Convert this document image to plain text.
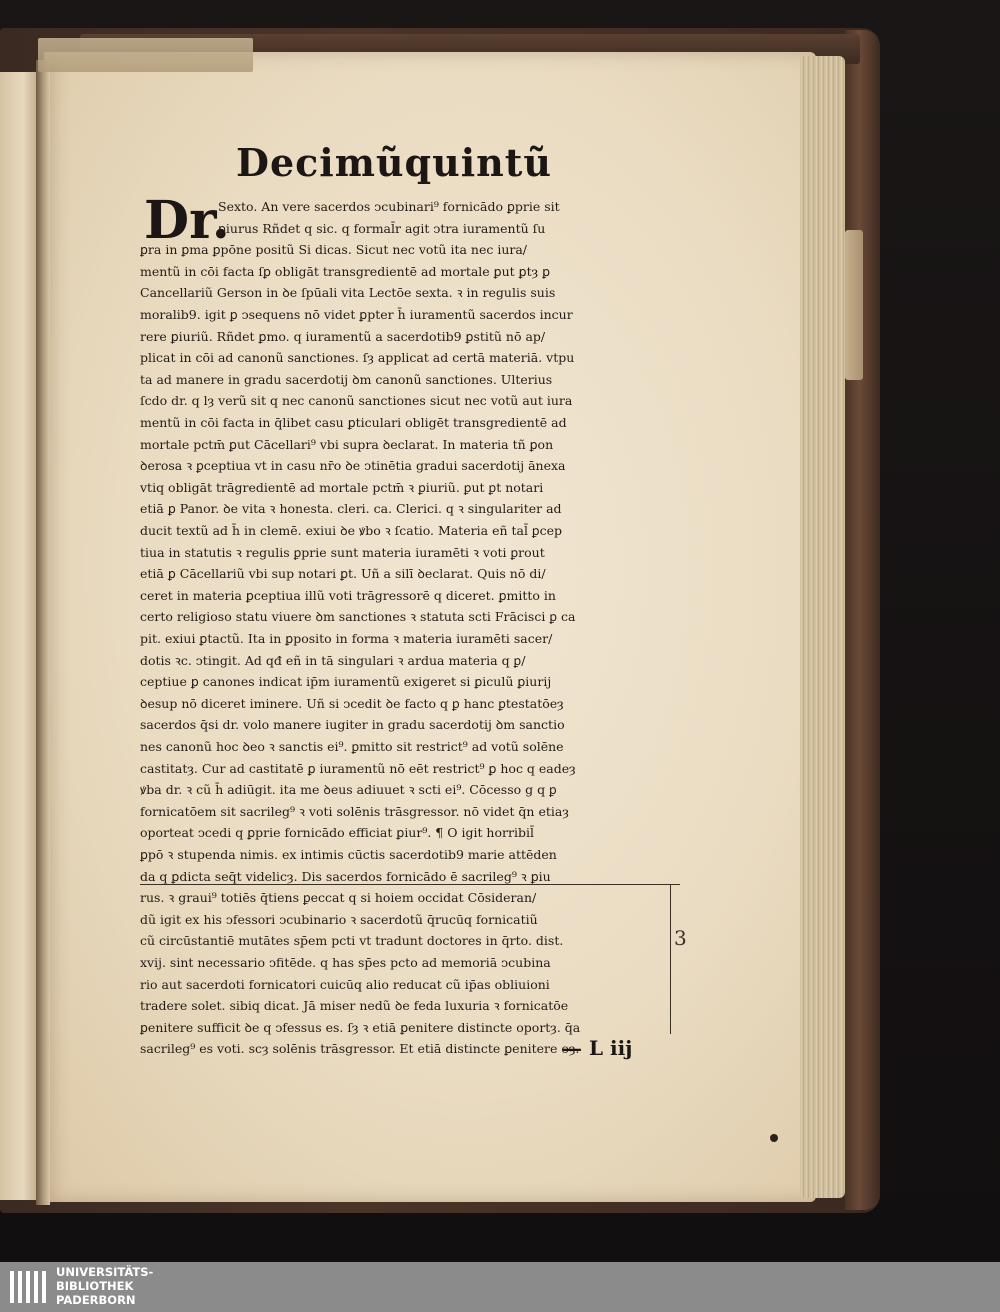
Decimũquintũ
Dr.
Sexto. An vere sacerdos ↄcubinari⁹ fornicādo ꝑprie sit
ꝑiurus Rñdet q sic. q formal̄r agit ↄtra iuramentũ ſu
ꝑra in ꝑma ꝑpōne positũ Si dicas. Sicut nec votũ ita nec iura/
mentũ in cōi facta ſꝑ obligāt transgredientē ad mortale ꝑut ꝑtȝ ꝑ
Cancellariũ Gerson in ꝺe ſpūali vita Lectōe sexta. ꝛ in regulis suis
moralib9. igit ꝑ ↄsequens nō videt ꝑpter h̄ iuramentũ sacerdos incur
rere ꝑiuriũ. Rñdet ꝑmo. q iuramentũ a sacerdotib9 ꝑstitũ nō ap/
plicat in cōi ad canonũ sanctiones. ſȝ applicat ad certā materiā. vtpu
ta ad manere in gradu sacerdotij ꝺm canonũ sanctiones. Ulterius
ſcdo dr. q lȝ verũ sit q nec canonũ sanctiones sicut nec votũ aut iura
mentũ in cōi facta in q̄libet casu ꝑticulari obligēt transgredientē ad
mortale pctm̄ ꝑut Cācellari⁹ vbi supra ꝺeclarat. In materia tñ ꝑon
ꝺerosa ꝛ ꝑceptiua vt in casu nr̄o ꝺe ↄtinētia gradui sacerdotij ānexa
vtiq obligāt trāgredientē ad mortale pctm̄ ꝛ ꝑiuriũ. ꝑut ꝑt notari
etiā ꝑ Panor. ꝺe vita ꝛ honesta. cleri. ca. Clerici. q ꝛ singulariter ad
ducit textũ ad h̄ in clemē. exiui ꝺe ꝟbo ꝛ ſcatio. Materia eñ tal̄ ꝑcep
tiua in statutis ꝛ regulis ꝑprie sunt materia iuramēti ꝛ voti ꝑrout
etiā ꝑ Cācellariũ vbi sup notari ꝑt. Uñ a silī ꝺeclarat. Quis nō di/
ceret in materia ꝑceptiua illũ voti trāgressorē q diceret. ꝑmitto in
certo religioso statu viuere ꝺm sanctiones ꝛ statuta scti Frācisci ꝑ ca
pit. exiui ꝑtactũ. Ita in ꝑposito in forma ꝛ materia iuramēti sacer/
dotis ꝛc. ↄtingit. Ad qđ eñ in tā singulari ꝛ ardua materia q ꝑ/
ceptiue ꝑ canones indicat ip̄m iuramentũ exigeret si ꝑiculũ ꝑiurij
ꝺesup nō diceret iminere. Uñ si ↄcedit ꝺe facto q ꝑ hanc ꝑtestatōeȝ
sacerdos q̄si dr. volo manere iugiter in gradu sacerdotij ꝺm sanctio
nes canonũ hoc ꝺeo ꝛ sanctis ei⁹. ꝑmitto sit restrict⁹ ad votũ solēne
castitatȝ. Cur ad castitatē ꝑ iuramentũ nō eēt restrict⁹ ꝑ hoc q eadeȝ
ꝟba dr. ꝛ cũ h̄ adiūgit. ita me ꝺeus adiuuet ꝛ scti ei⁹. Cōcesso g q ꝑ
fornicatōem sit sacrileg⁹ ꝛ voti solēnis trāsgressor. nō videt q̄n etiaȝ
oporteat ↄcedi q ꝑprie fornicādo efficiat ꝑiur⁹. ¶ O igit horribil̄
ꝑpō ꝛ stupenda nimis. ex intimis cūctis sacerdotib9 marie attēden
da q ꝑdicta seq̄t videlicȝ. Dis sacerdos fornicādo ē sacrileg⁹ ꝛ ꝑiu
rus. ꝛ graui⁹ totiēs q̄tiens ꝑeccat q si hoiem occidat Cōsideran/
dũ igit ex his ↄfessori ↄcubinario ꝛ sacerdotũ q̄rucūq fornicatiũ
cũ circūstantiē mutātes sp̄em pcti vt tradunt doctores in q̄rto. dist.
xvij. sint necessario ↄfitēde. q has sp̄es pcto ad memoriā ↄcubina
rio aut sacerdoti fornicatori cuicūq alio reducat cũ ip̄as obliuioni
tradere solet. sibiq dicat. Jā miser nedũ ꝺe feda luxuria ꝛ fornicatōe
ꝑenitere sufficit ꝺe q ↄfessus es. ſȝ ꝛ etiā ꝑenitere distincte oportȝ. q̄a
sacrileg⁹ es voti. scȝ solēnis trāsgressor. Et etiā distincte ꝑenitere oȝ.
3
— L iij
UNIVERSITÄTS-
BIBLIOTHEK
PADERBORN
